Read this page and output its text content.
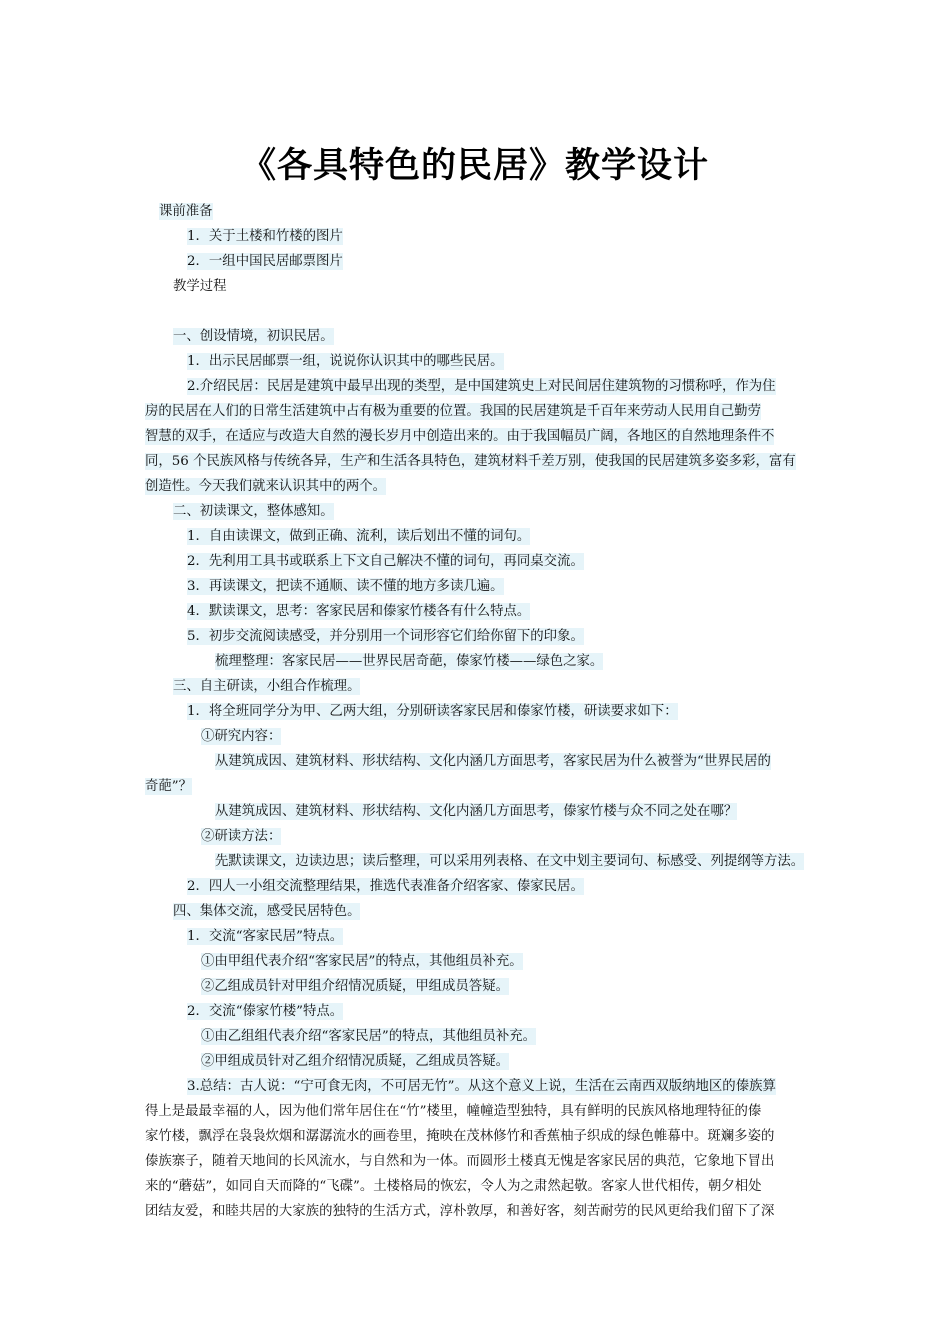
《各具特色的民居》教学设计
课前准备
1．关于土楼和竹楼的图片
2．一组中国民居邮票图片
教学过程
一、创设情境，初识民居。
1．出示民居邮票一组，说说你认识其中的哪些民居。
2.介绍民居：民居是建筑中最早出现的类型，是中国建筑史上对民间居住建筑物的习惯称呼，作为住
房的民居在人们的日常生活建筑中占有极为重要的位置。我国的民居建筑是千百年来劳动人民用自己勤劳
智慧的双手，在适应与改造大自然的漫长岁月中创造出来的。由于我国幅员广阔，各地区的自然地理条件不
同，56 个民族风格与传统各异，生产和生活各具特色，建筑材料千差万别，使我国的民居建筑多姿多彩，富有
创造性。今天我们就来认识其中的两个。
二、初读课文，整体感知。
1．自由读课文，做到正确、流利，读后划出不懂的词句。
2．先利用工具书或联系上下文自己解决不懂的词句，再同桌交流。
3．再读课文，把读不通顺、读不懂的地方多读几遍。
4．默读课文，思考：客家民居和傣家竹楼各有什么特点。
5．初步交流阅读感受，并分别用一个词形容它们给你留下的印象。
梳理整理：客家民居——世界民居奇葩，傣家竹楼——绿色之家。
三、自主研读，小组合作梳理。
1．将全班同学分为甲、乙两大组，分别研读客家民居和傣家竹楼，研读要求如下：
①研究内容：
从建筑成因、建筑材料、形状结构、文化内涵几方面思考，客家民居为什么被誉为“世界民居的
奇葩”？
从建筑成因、建筑材料、形状结构、文化内涵几方面思考，傣家竹楼与众不同之处在哪？
②研读方法：
先默读课文，边读边思；读后整理，可以采用列表格、在文中划主要词句、标感受、列提纲等方法。
2．四人一小组交流整理结果，推选代表准备介绍客家、傣家民居。
四、集体交流，感受民居特色。
1．交流“客家民居”特点。
①由甲组代表介绍“客家民居”的特点，其他组员补充。
②乙组成员针对甲组介绍情况质疑，甲组成员答疑。
2．交流“傣家竹楼”特点。
①由乙组组代表介绍“客家民居”的特点，其他组员补充。
②甲组成员针对乙组介绍情况质疑，乙组成员答疑。
3.总结：古人说：“宁可食无肉，不可居无竹”。从这个意义上说，生活在云南西双版纳地区的傣族算
得上是最最幸福的人，因为他们常年居住在“竹”楼里，幢幢造型独特，具有鲜明的民族风格地理特征的傣
家竹楼，飘浮在袅袅炊烟和潺潺流水的画卷里，掩映在茂林修竹和香蕉柚子织成的绿色帷幕中。斑斓多姿的
傣族寨子，随着天地间的长风流水，与自然和为一体。而圆形土楼真无愧是客家民居的典范，它象地下冒出
来的“蘑菇”，如同自天而降的“飞碟”。土楼格局的恢宏，令人为之肃然起敬。客家人世代相传，朝夕相处
团结友爱，和睦共居的大家族的独特的生活方式，淳朴敦厚，和善好客，刻苦耐劳的民风更给我们留下了深
